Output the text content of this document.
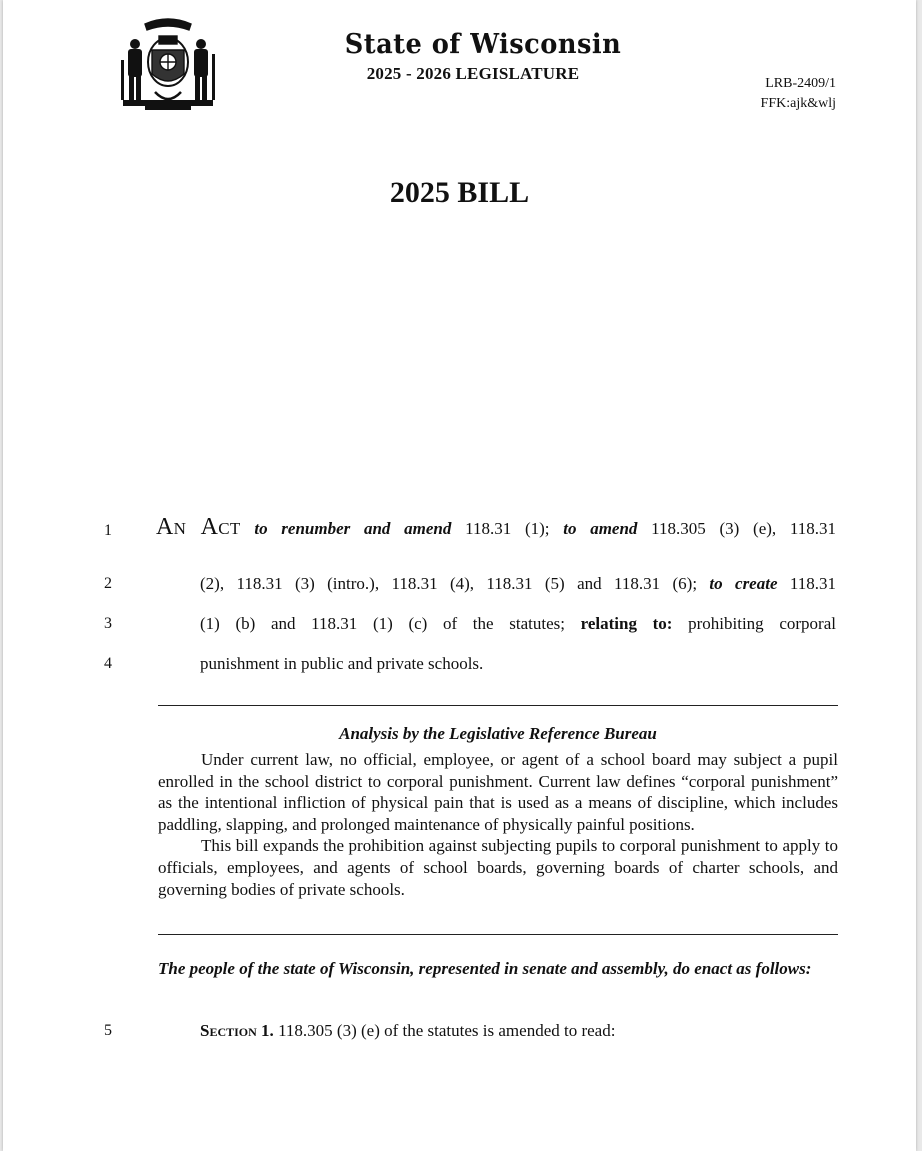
State of Wisconsin
2025 - 2026 LEGISLATURE
LRB-2409/1
FFK:ajk&wlj
2025 BILL
1
2
3
4
5
An Act to renumber and amend 118.31 (1); to amend 118.305 (3) (e), 118.31
(2), 118.31 (3) (intro.), 118.31 (4), 118.31 (5) and 118.31 (6); to create 118.31
(1) (b) and 118.31 (1) (c) of the statutes; relating to: prohibiting corporal
punishment in public and private schools.
Analysis by the Legislative Reference Bureau

Under current law, no official, employee, or agent of a school board may subject a pupil enrolled in the school district to corporal punishment. Current law defines “corporal punishment” as the intentional infliction of physical pain that is used as a means of discipline, which includes paddling, slapping, and prolonged maintenance of physically painful positions.

This bill expands the prohibition against subjecting pupils to corporal punishment to apply to officials, employees, and agents of school boards, governing boards of charter schools, and governing bodies of private schools.

The people of the state of Wisconsin, represented in senate and assembly, do enact as follows:
Section 1. 118.305 (3) (e) of the statutes is amended to read:
